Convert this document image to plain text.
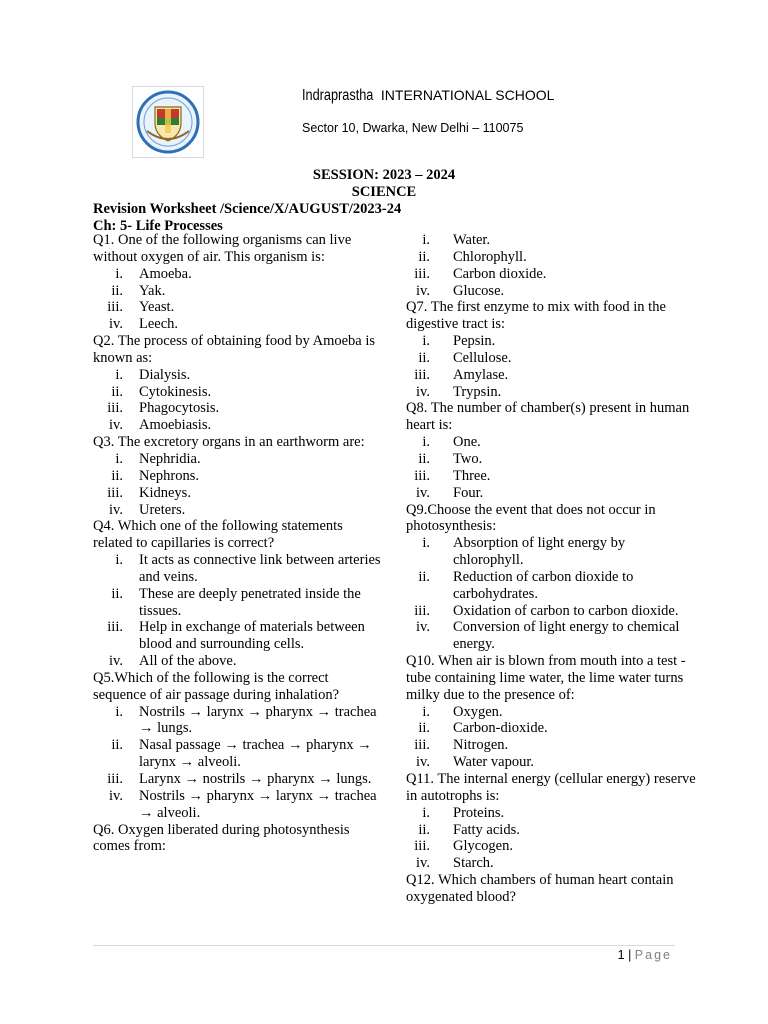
Indraprastha INTERNATIONAL SCHOOL
Sector 10, Dwarka, New Delhi – 110075
SESSION: 2023 – 2024
SCIENCE
Revision Worksheet /Science/X/AUGUST/2023-24
Ch: 5- Life Processes

Q1. One of the following organisms can live without oxygen of air. This organism is:

i. Amoeba.
ii. Yak.
iii. Yeast.
iv. Leech.

Q2. The process of obtaining food by Amoeba is known as:

i. Dialysis.
ii. Cytokinesis.
iii. Phagocytosis.
iv. Amoebiasis.

Q3. The excretory organs in an earthworm are:

i. Nephridia.
ii. Nephrons.
iii. Kidneys.
iv. Ureters.

Q4. Which one of the following statements related to capillaries is correct?

i. It acts as connective link between arteries and veins.
ii. These are deeply penetrated inside the tissues.
iii. Help in exchange of materials between blood and surrounding cells.
iv. All of the above.

Q5.Which of the following is the correct sequence of air passage during inhalation?

i. Nostrils → larynx → pharynx → trachea → lungs.
ii. Nasal passage → trachea → pharynx → larynx → alveoli.
iii. Larynx → nostrils → pharynx → lungs.
iv. Nostrils → pharynx → larynx → trachea → alveoli.

Q6. Oxygen liberated during photosynthesis comes from:

i. Water.
ii. Chlorophyll.
iii. Carbon dioxide.
iv. Glucose.

Q7. The first enzyme to mix with food in the digestive tract is:

i. Pepsin.
ii. Cellulose.
iii. Amylase.
iv. Trypsin.

Q8. The number of chamber(s) present in human heart is:

i. One.
ii. Two.
iii. Three.
iv. Four.

Q9.Choose the event that does not occur in photosynthesis:

i. Absorption of light energy by chlorophyll.
ii. Reduction of carbon dioxide to carbohydrates.
iii. Oxidation of carbon to carbon dioxide.
iv. Conversion of light energy to chemical energy.

Q10. When air is blown from mouth into a test - tube containing lime water, the lime water turns milky due to the presence of:

i. Oxygen.
ii. Carbon-dioxide.
iii. Nitrogen.
iv. Water vapour.

Q11. The internal energy (cellular energy) reserve in autotrophs is:

i. Proteins.
ii. Fatty acids.
iii. Glycogen.
iv. Starch.

Q12. Which chambers of human heart contain oxygenated blood?

1 | Page
